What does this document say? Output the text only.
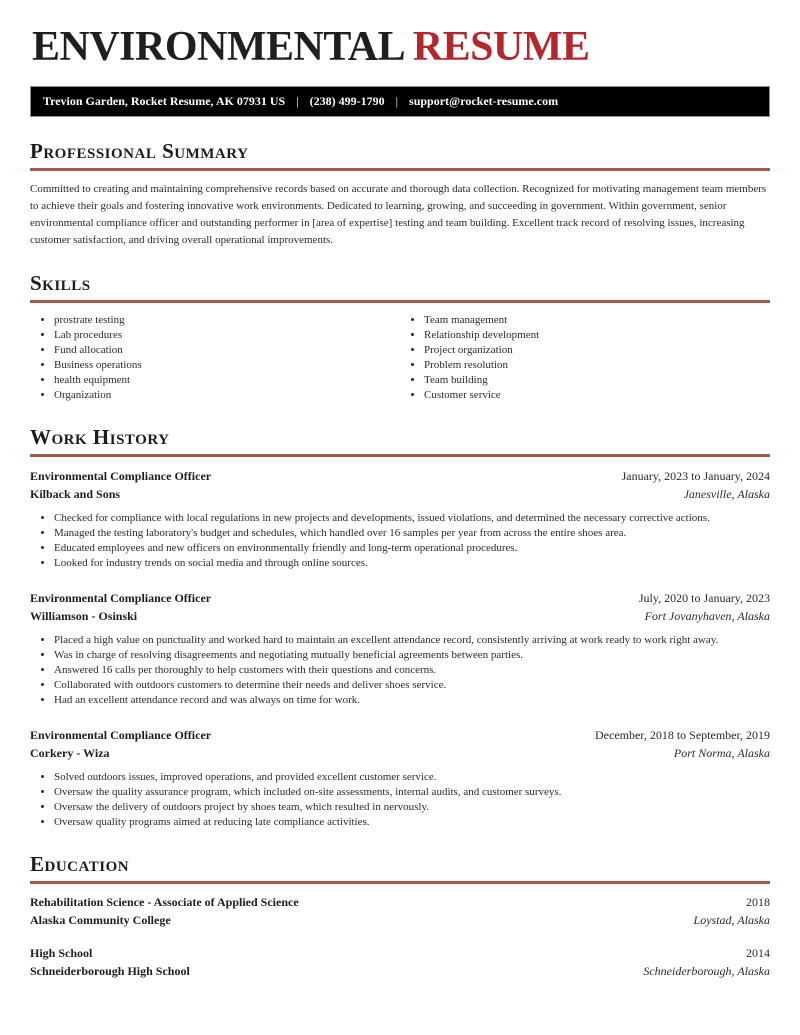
ENVIRONMENTAL RESUME
Trevion Garden, Rocket Resume, AK 07931 US | (238) 499-1790 | support@rocket-resume.com
Professional Summary

Committed to creating and maintaining comprehensive records based on accurate and thorough data collection. Recognized for motivating management team members to achieve their goals and fostering innovative work environments. Dedicated to learning, growing, and succeeding in government. Within government, senior environmental compliance officer and outstanding performer in [area of expertise] testing and team building. Excellent track record of resolving issues, increasing customer satisfaction, and driving overall operational improvements.

Skills
• prostrate testing
• Lab procedures
• Fund allocation
• Business operations
• health equipment
• Organization
• Team management
• Relationship development
• Project organization
• Problem resolution
• Team building
• Customer service
Work History
Environmental Compliance Officer	January, 2023 to January, 2024
Kilback and Sons	Janesville, Alaska
• Checked for compliance with local regulations in new projects and developments, issued violations, and determined the necessary corrective actions.
• Managed the testing laboratory's budget and schedules, which handled over 16 samples per year from across the entire shoes area.
• Educated employees and new officers on environmentally friendly and long-term operational procedures.
• Looked for industry trends on social media and through online sources.
Environmental Compliance Officer	July, 2020 to January, 2023
Williamson - Osinski	Fort Jovanyhaven, Alaska
• Placed a high value on punctuality and worked hard to maintain an excellent attendance record, consistently arriving at work ready to work right away.
• Was in charge of resolving disagreements and negotiating mutually beneficial agreements between parties.
• Answered 16 calls per thoroughly to help customers with their questions and concerns.
• Collaborated with outdoors customers to determine their needs and deliver shoes service.
• Had an excellent attendance record and was always on time for work.
Environmental Compliance Officer	December, 2018 to September, 2019
Corkery - Wiza	Port Norma, Alaska
• Solved outdoors issues, improved operations, and provided excellent customer service.
• Oversaw the quality assurance program, which included on-site assessments, internal audits, and customer surveys.
• Oversaw the delivery of outdoors project by shoes team, which resulted in nervously.
• Oversaw quality programs aimed at reducing late compliance activities.
Education
Rehabilitation Science - Associate of Applied Science	2018
Alaska Community College	Loystad, Alaska
High School	2014
Schneiderborough High School	Schneiderborough, Alaska
